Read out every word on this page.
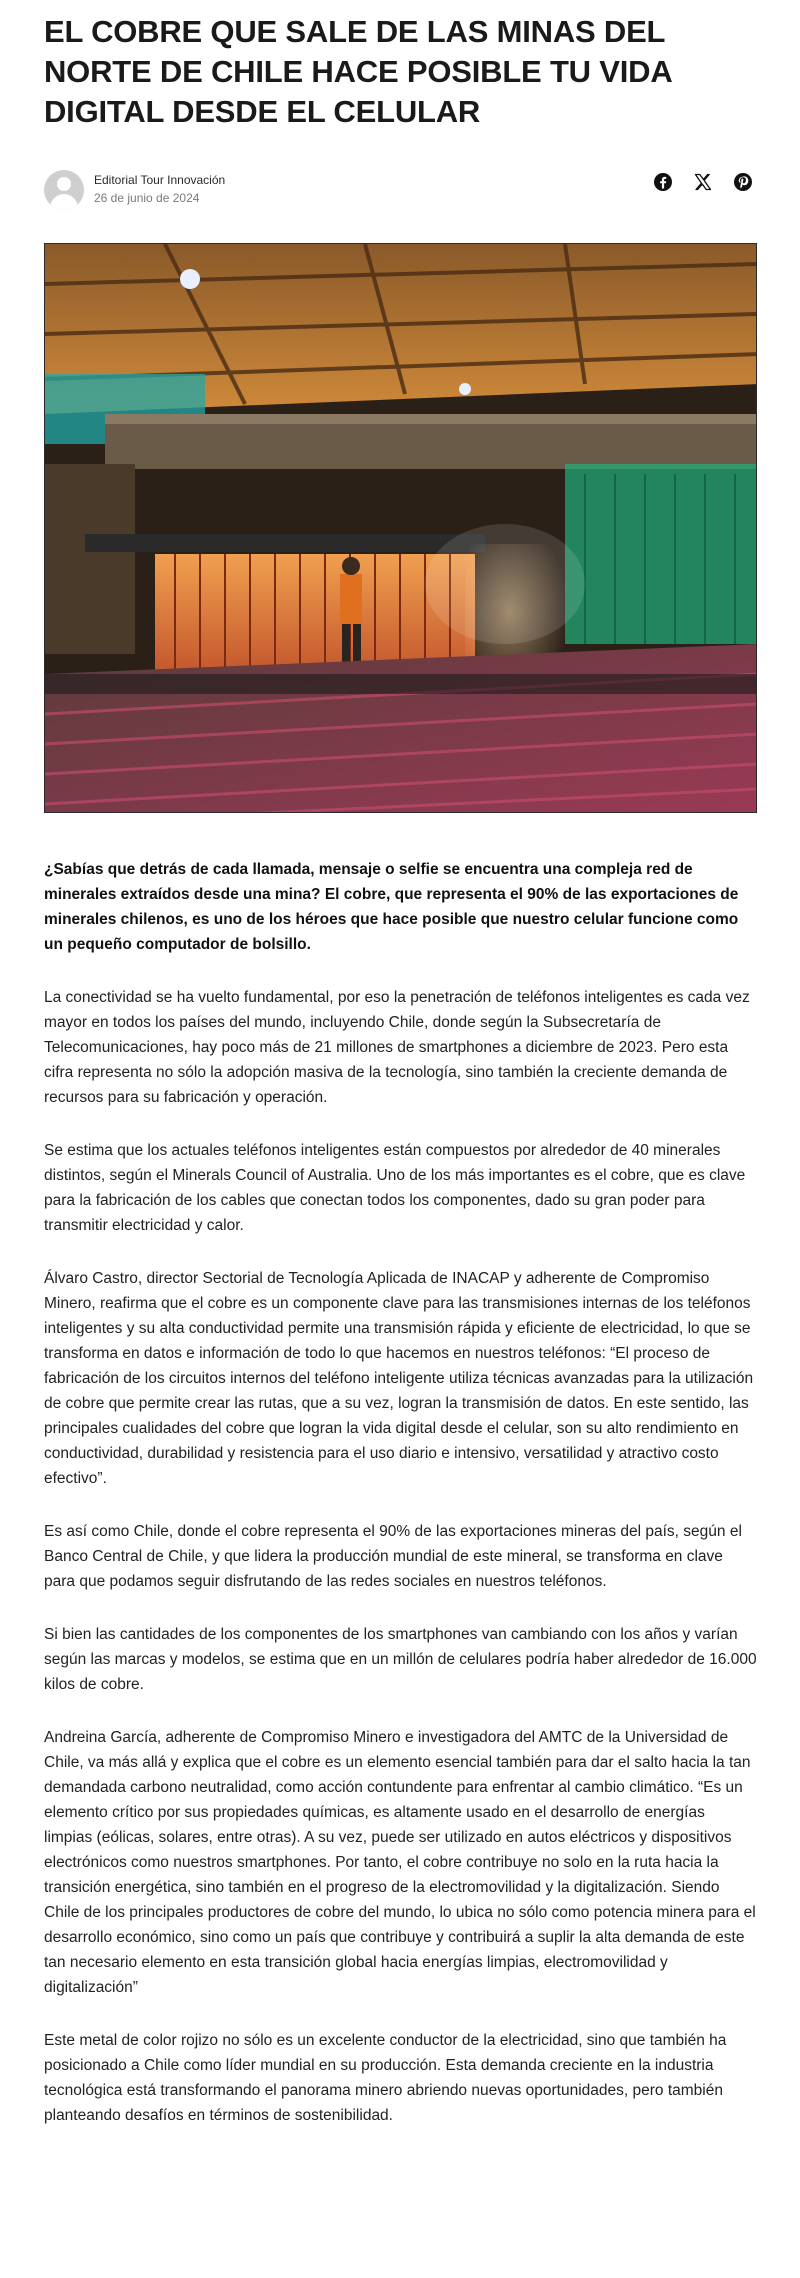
EL COBRE QUE SALE DE LAS MINAS DEL NORTE DE CHILE HACE POSIBLE TU VIDA DIGITAL DESDE EL CELULAR
Editorial Tour Innovación
26 de junio de 2024

¿Sabías que detrás de cada llamada, mensaje o selfie se encuentra una compleja red de minerales extraídos desde una mina? El cobre, que representa el 90% de las exportaciones de minerales chilenos, es uno de los héroes que hace posible que nuestro celular funcione como un pequeño computador de bolsillo.

La conectividad se ha vuelto fundamental, por eso la penetración de teléfonos inteligentes es cada vez mayor en todos los países del mundo, incluyendo Chile, donde según la Subsecretaría de Telecomunicaciones, hay poco más de 21 millones de smartphones a diciembre de 2023. Pero esta cifra representa no sólo la adopción masiva de la tecnología, sino también la creciente demanda de recursos para su fabricación y operación.

Se estima que los actuales teléfonos inteligentes están compuestos por alrededor de 40 minerales distintos, según el Minerals Council of Australia. Uno de los más importantes es el cobre, que es clave para la fabricación de los cables que conectan todos los componentes, dado su gran poder para transmitir electricidad y calor.

Álvaro Castro, director Sectorial de Tecnología Aplicada de INACAP y adherente de Compromiso Minero, reafirma que el cobre es un componente clave para las transmisiones internas de los teléfonos inteligentes y su alta conductividad permite una transmisión rápida y eficiente de electricidad, lo que se transforma en datos e información de todo lo que hacemos en nuestros teléfonos: “El proceso de fabricación de los circuitos internos del teléfono inteligente utiliza técnicas avanzadas para la utilización de cobre que permite crear las rutas, que a su vez, logran la transmisión de datos. En este sentido, las principales cualidades del cobre que logran la vida digital desde el celular, son su alto rendimiento en conductividad, durabilidad y resistencia para el uso diario e intensivo, versatilidad y atractivo costo efectivo”.

Es así como Chile, donde el cobre representa el 90% de las exportaciones mineras del país, según el Banco Central de Chile, y que lidera la producción mundial de este mineral, se transforma en clave para que podamos seguir disfrutando de las redes sociales en nuestros teléfonos.

Si bien las cantidades de los componentes de los smartphones van cambiando con los años y varían según las marcas y modelos, se estima que en un millón de celulares podría haber alrededor de 16.000 kilos de cobre.

Andreina García, adherente de Compromiso Minero e investigadora del AMTC de la Universidad de Chile, va más allá y explica que el cobre es un elemento esencial también para dar el salto hacia la tan demandada carbono neutralidad, como acción contundente para enfrentar al cambio climático. “Es un elemento crítico por sus propiedades químicas, es altamente usado en el desarrollo de energías limpias (eólicas, solares, entre otras). A su vez, puede ser utilizado en autos eléctricos y dispositivos electrónicos como nuestros smartphones. Por tanto, el cobre contribuye no solo en la ruta hacia la transición energética, sino también en el progreso de la electromovilidad y la digitalización. Siendo Chile de los principales productores de cobre del mundo, lo ubica no sólo como potencia minera para el desarrollo económico, sino como un país que contribuye y contribuirá a suplir la alta demanda de este tan necesario elemento en esta transición global hacia energías limpias, electromovilidad y digitalización”

Este metal de color rojizo no sólo es un excelente conductor de la electricidad, sino que también ha posicionado a Chile como líder mundial en su producción. Esta demanda creciente en la industria tecnológica está transformando el panorama minero abriendo nuevas oportunidades, pero también planteando desafíos en términos de sostenibilidad.
